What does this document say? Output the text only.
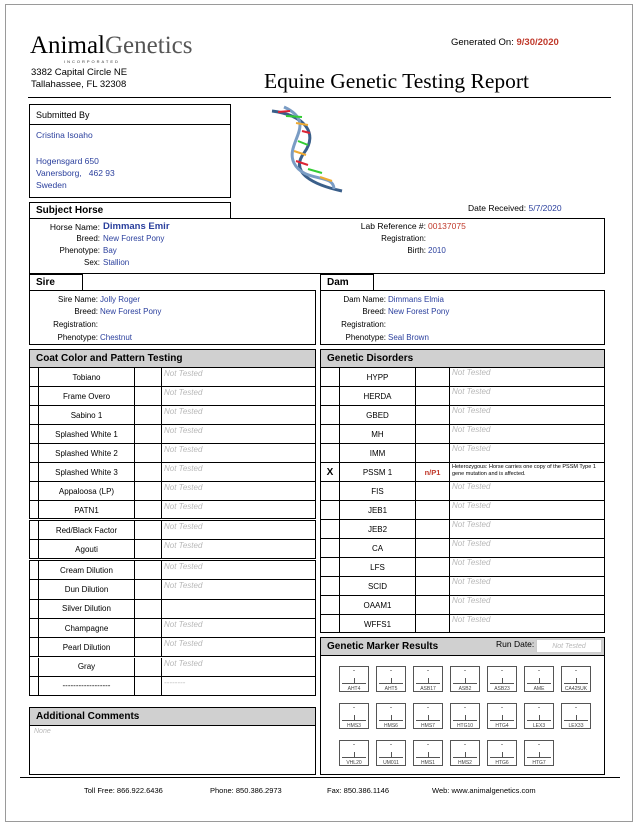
AnimalGenetics
INCORPORATED
3382 Capital Circle NE
Tallahassee, FL 32308
Generated On: 9/30/2020
Equine Genetic Testing Report
Submitted By
Cristina Isoaho
Hogensgard 650
Vanersborg,   462 93
Sweden
Subject Horse	Date Received: 5/7/2020
Horse Name: Dimmans Emir
Breed: New Forest Pony
Phenotype: Bay
Sex: Stallion
Lab Reference #: 00137075
Registration:
Birth: 2010
Sire
Sire Name: Jolly Roger
Breed: New Forest Pony
Registration:
Phenotype: Chestnut
Dam
Dam Name: Dimmans Elmia
Breed: New Forest Pony
Registration:
Phenotype: Seal Brown
Coat Color and Pattern Testing
Tobiano	Not Tested
Frame Overo	Not Tested
Sabino 1	Not Tested
Splashed White 1	Not Tested
Splashed White 2	Not Tested
Splashed White 3	Not Tested
Appaloosa (LP)	Not Tested
PATN1	Not Tested
Red/Black Factor	Not Tested
Agouti	Not Tested
Cream Dilution	Not Tested
Dun Dilution	Not Tested
Silver Dilution
Champagne	Not Tested
Pearl Dilution	Not Tested
Gray	Not Tested
------------------	--------
Additional Comments
None
Genetic Disorders
HYPP	Not Tested
HERDA	Not Tested
GBED	Not Tested
MH	Not Tested
IMM	Not Tested
X	PSSM 1	n/P1
Heterozygous: Horse carries one copy of the PSSM Type 1 gene mutation and is affected.
FIS	Not Tested
JEB1	Not Tested
JEB2	Not Tested
CA	Not Tested
LFS	Not Tested
SCID	Not Tested
OAAM1	Not Tested
WFFS1	Not Tested
Genetic Marker Results	Run Date:	Not Tested
-
AHT4
-
AHT5
-
ASB17
-
ASB2
-
ASB23
-
AME
-
CA425UK
-
HMS3
-
HMS6
-
HMS7
-
HTG10
-
HTG4
-
LEX3
-
LEX33
-
VHL20
-
UM011
-
HMS1
-
HMS2
-
HTG6
-
HTG7
Toll Free: 866.922.6436	Phone: 850.386.2973	Fax: 850.386.1146	Web: www.animalgenetics.com
